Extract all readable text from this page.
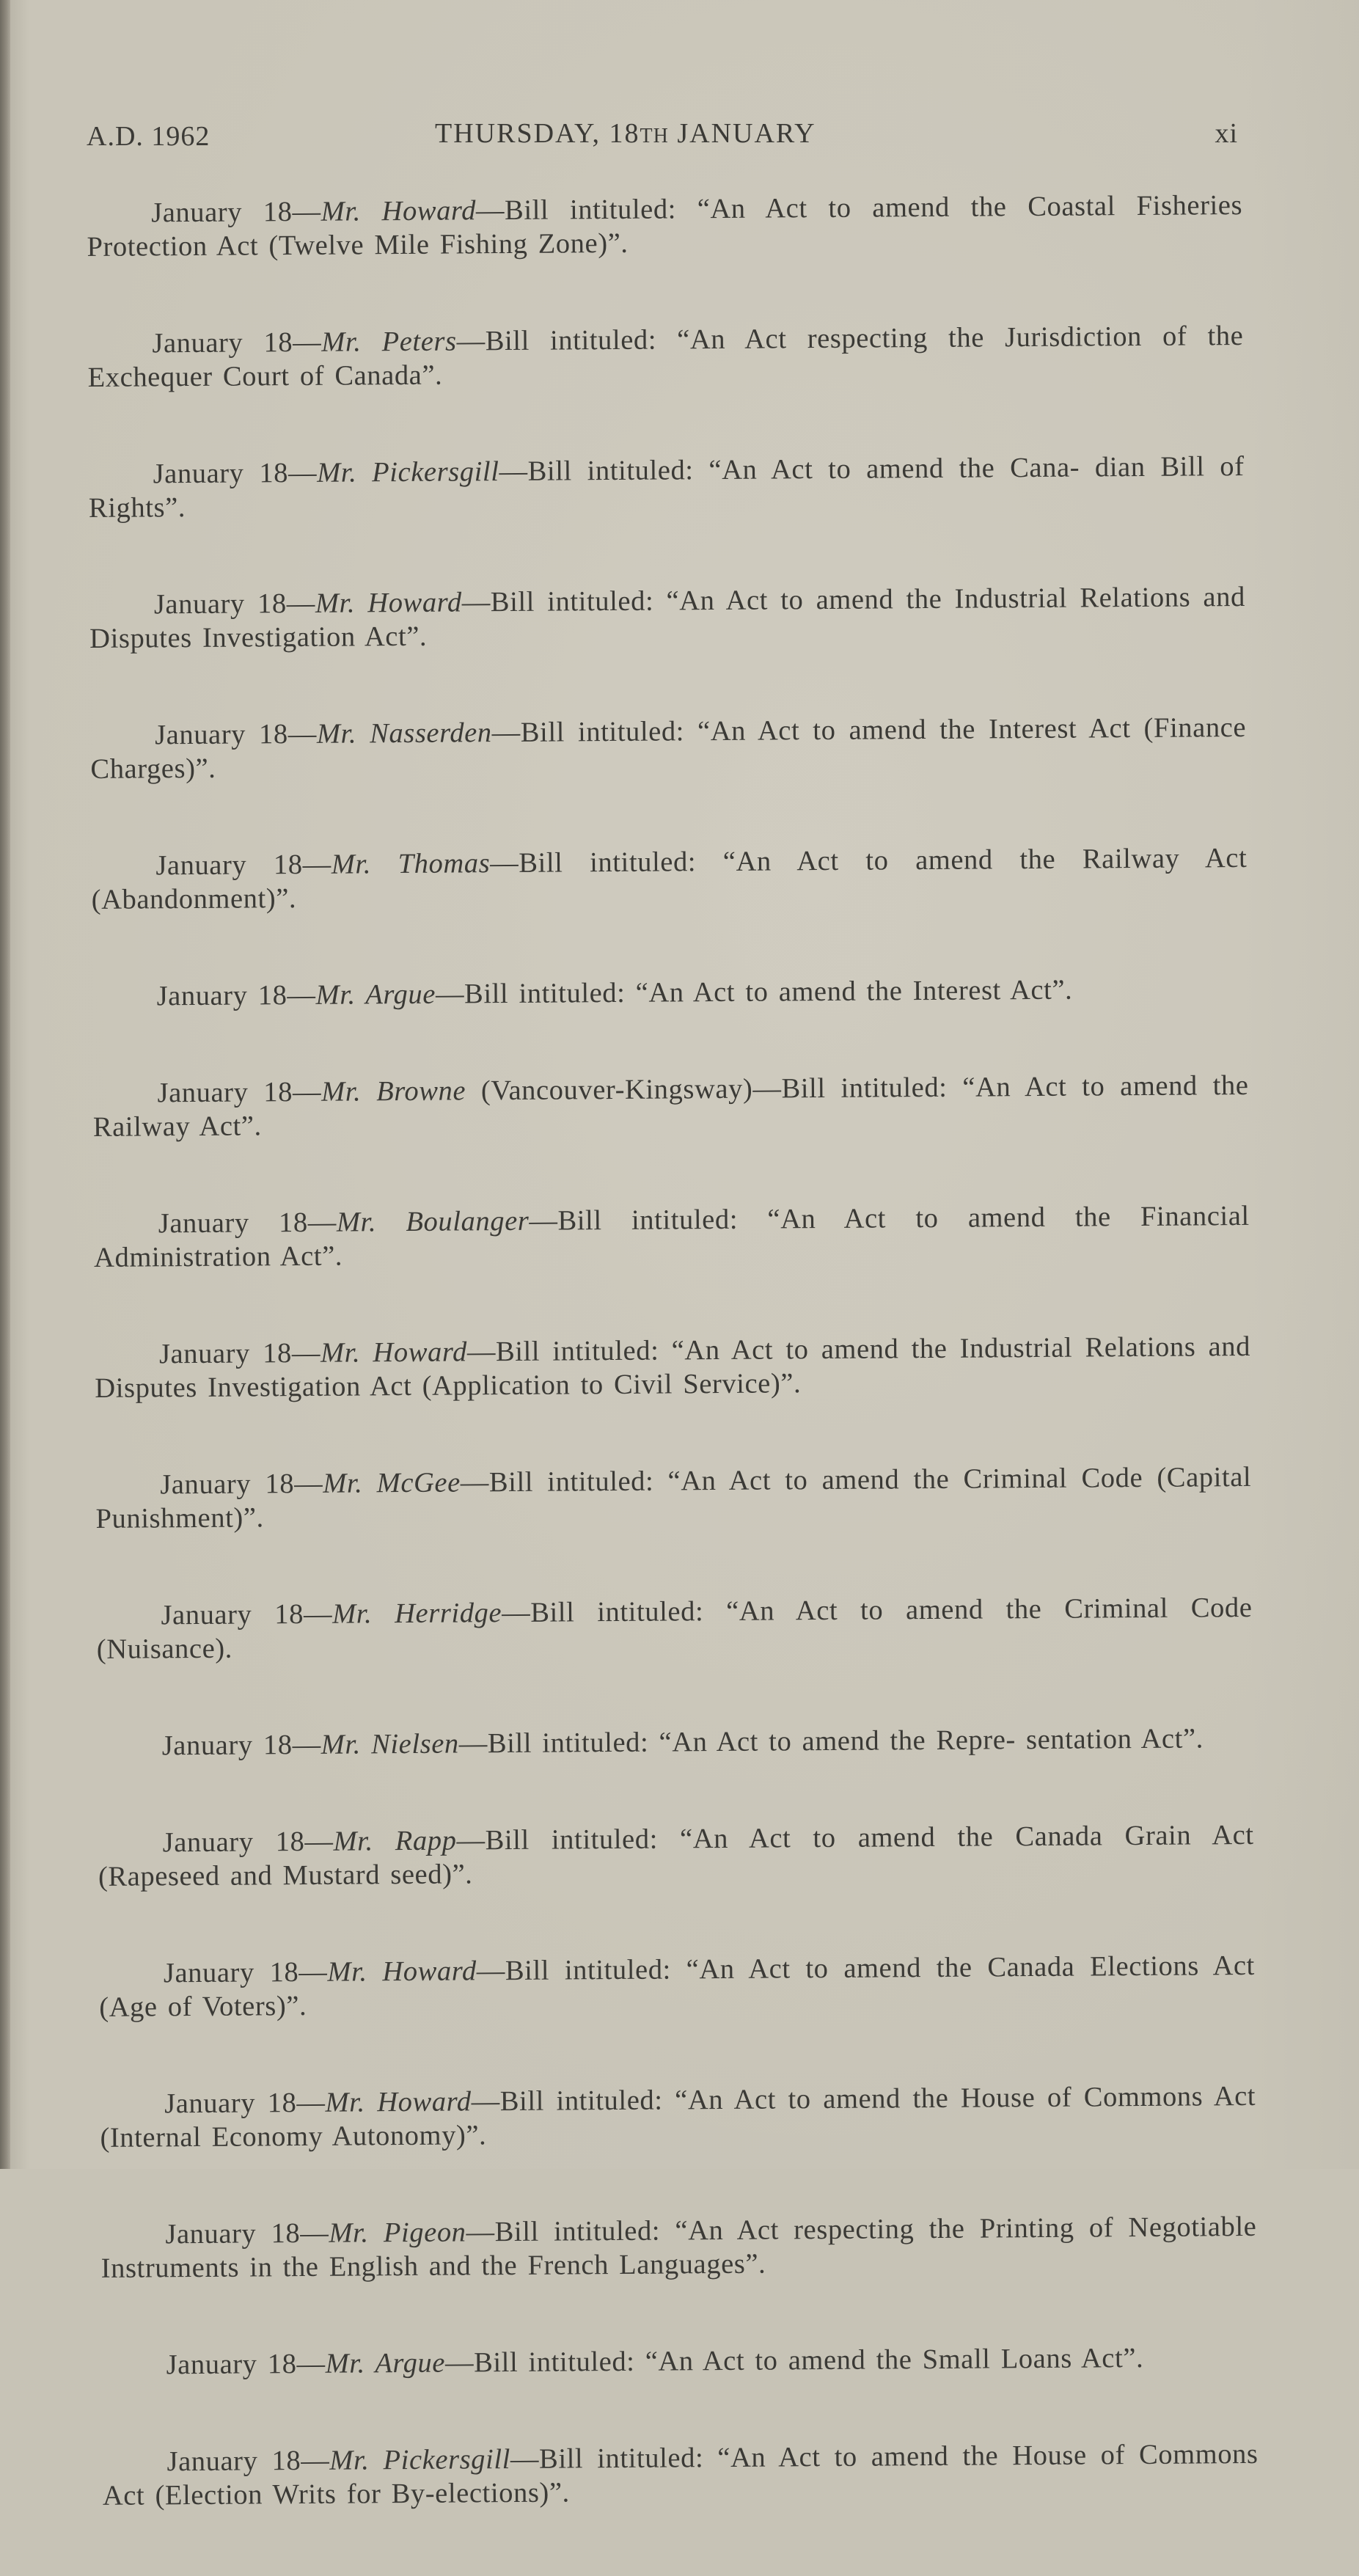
A.D. 1962	THURSDAY, 18TH JANUARY	xi

January 18—Mr. Howard—Bill intituled: “An Act to amend the Coastal Fisheries Protection Act (Twelve Mile Fishing Zone)”.

January 18—Mr. Peters—Bill intituled: “An Act respecting the Jurisdiction of the Exchequer Court of Canada”.

January 18—Mr. Pickersgill—Bill intituled: “An Act to amend the Cana- dian Bill of Rights”.

January 18—Mr. Howard—Bill intituled: “An Act to amend the Industrial Relations and Disputes Investigation Act”.

January 18—Mr. Nasserden—Bill intituled: “An Act to amend the Interest Act (Finance Charges)”.

January 18—Mr. Thomas—Bill intituled: “An Act to amend the Railway Act (Abandonment)”.

January 18—Mr. Argue—Bill intituled: “An Act to amend the Interest Act”.

January 18—Mr. Browne (Vancouver-Kingsway)—Bill intituled: “An Act to amend the Railway Act”.

January 18—Mr. Boulanger—Bill intituled: “An Act to amend the Financial Administration Act”.

January 18—Mr. Howard—Bill intituled: “An Act to amend the Industrial Relations and Disputes Investigation Act (Application to Civil Service)”.

January 18—Mr. McGee—Bill intituled: “An Act to amend the Criminal Code (Capital Punishment)”.

January 18—Mr. Herridge—Bill intituled: “An Act to amend the Criminal Code (Nuisance).

January 18—Mr. Nielsen—Bill intituled: “An Act to amend the Repre- sentation Act”.

January 18—Mr. Rapp—Bill intituled: “An Act to amend the Canada Grain Act (Rapeseed and Mustard seed)”.

January 18—Mr. Howard—Bill intituled: “An Act to amend the Canada Elections Act (Age of Voters)”.

January 18—Mr. Howard—Bill intituled: “An Act to amend the House of Commons Act (Internal Economy Autonomy)”.

January 18—Mr. Pigeon—Bill intituled: “An Act respecting the Printing of Negotiable Instruments in the English and the French Languages”.

January 18—Mr. Argue—Bill intituled: “An Act to amend the Small Loans Act”.

January 18—Mr. Pickersgill—Bill intituled: “An Act to amend the House of Commons Act (Election Writs for By-elections)”.
